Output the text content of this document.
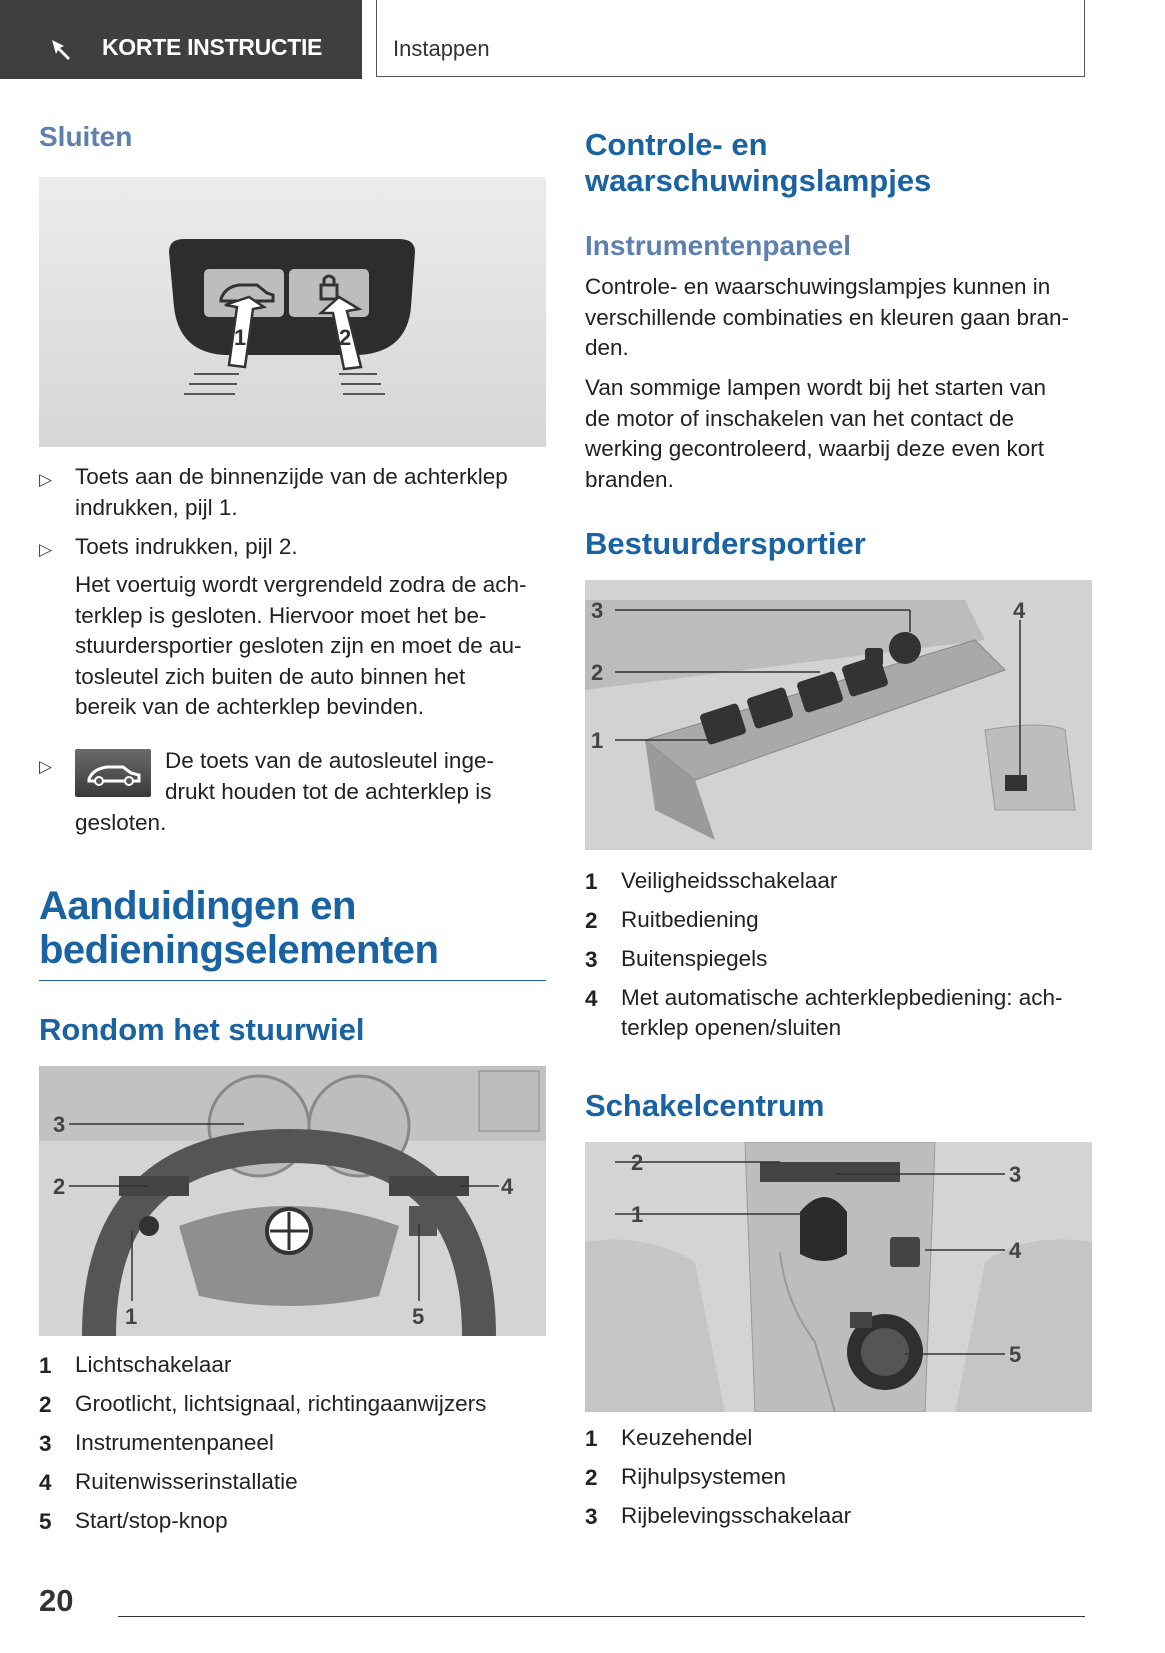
KORTE INSTRUCTIE	Instappen
Sluiten
1	2
▷ Toets aan de binnenzijde van de achterklep
indrukken, pijl 1.
▷ Toets indrukken, pijl 2.
Het voertuig wordt vergrendeld zodra de ach-
terklep is gesloten. Hiervoor moet het be-
stuurdersportier gesloten zijn en moet de au-
tosleutel zich buiten de auto binnen het
bereik van de achterklep bevinden.
▷	De toets van de autosleutel inge-
drukt houden tot de achterklep is
gesloten.
Aanduidingen en
bedieningselementen
Rondom het stuurwiel
3
2
1
4
5
1 Lichtschakelaar
2 Grootlicht, lichtsignaal, richtingaanwijzers
3 Instrumentenpaneel
4 Ruitenwisserinstallatie
5 Start/stop-knop
Controle- en
waarschuwingslampjes
Instrumentenpaneel
Controle- en waarschuwingslampjes kunnen in
verschillende combinaties en kleuren gaan bran-
den.
Van sommige lampen wordt bij het starten van
de motor of inschakelen van het contact de
werking gecontroleerd, waarbij deze even kort
branden.
Bestuurdersportier
3
2
1
4
1 Veiligheidsschakelaar
2 Ruitbediening
3 Buitenspiegels
4 Met automatische achterklepbediening: ach-
terklep openen/sluiten
Schakelcentrum
2
1
3
4
5
1 Keuzehendel
2 Rijhulpsystemen
3 Rijbelevingsschakelaar
20
